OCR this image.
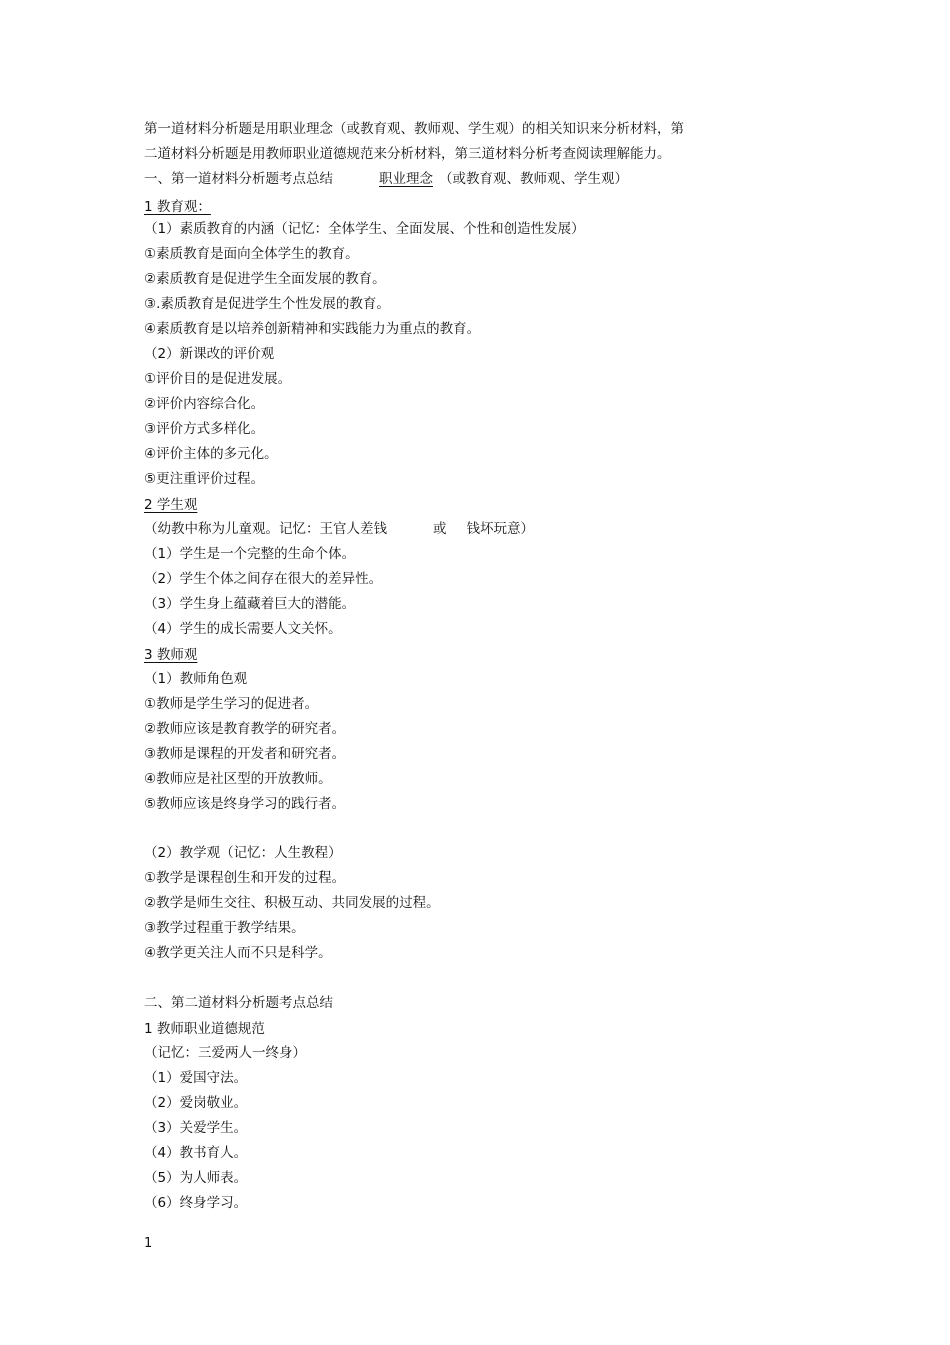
第一道材料分析题是用职业理念（或教育观、教师观、学生观）的相关知识来分析材料，第
二道材料分析题是用教师职业道德规范来分析材料，第三道材料分析考查阅读理解能力。
一、第一道材料分析题考点总结	职业理念 （或教育观、教师观、学生观）
1 教育观：
（1）素质教育的内涵（记忆：全体学生、全面发展、个性和创造性发展）
①素质教育是面向全体学生的教育。
②素质教育是促进学生全面发展的教育。
③.素质教育是促进学生个性发展的教育。
④素质教育是以培养创新精神和实践能力为重点的教育。
（2）新课改的评价观
①评价目的是促进发展。
②评价内容综合化。
③评价方式多样化。
④评价主体的多元化。
⑤更注重评价过程。
2 学生观
（幼教中称为儿童观。记忆：王官人差钱	或 钱坏玩意）
（1）学生是一个完整的生命个体。
（2）学生个体之间存在很大的差异性。
（3）学生身上蕴藏着巨大的潜能。
（4）学生的成长需要人文关怀。
3 教师观
（1）教师角色观
①教师是学生学习的促进者。
②教师应该是教育教学的研究者。
③教师是课程的开发者和研究者。
④教师应是社区型的开放教师。
⑤教师应该是终身学习的践行者。
（2）教学观（记忆：人生教程）
①教学是课程创生和开发的过程。
②教学是师生交往、积极互动、共同发展的过程。
③教学过程重于教学结果。
④教学更关注人而不只是科学。
二、第二道材料分析题考点总结
1 教师职业道德规范
（记忆：三爱两人一终身）
（1）爱国守法。
（2）爱岗敬业。
（3）关爱学生。
（4）教书育人。
（5）为人师表。
（6）终身学习。
1
